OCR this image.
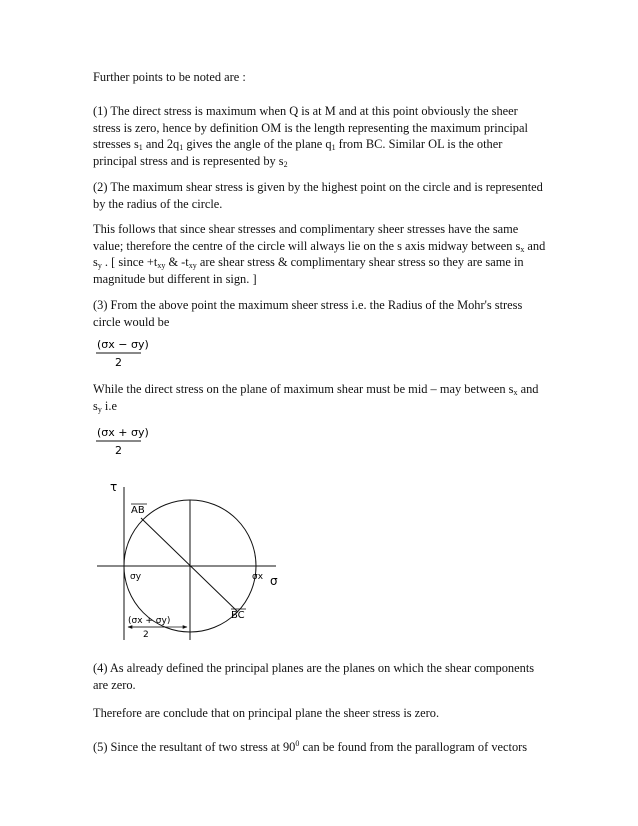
Further points to be noted are :
(1) The direct stress is maximum when Q is at M and at this point obviously the sheer stress is zero, hence by definition OM is the length representing the maximum principal stresses $s_1$ and $2q_1$ gives the angle of the plane $q_1$ from BC. Similar OL is the other principal stress and is represented by $s_2$
(2) The maximum shear stress is given by the highest point on the circle and is represented by the radius of the circle.
This follows that since shear stresses and complimentary sheer stresses have the same value; therefore the centre of the circle will always lie on the s axis midway between $s_x$ and $s_y$ . [ since $+t_{xy}$ & $-t_{xy}$ are shear stress & complimentary shear stress so they are same in magnitude but different in sign. ]
(3) From the above point the maximum sheer stress i.e. the Radius of the Mohr's stress circle would be
(σx − σy)
2
While the direct stress on the plane of maximum shear must be mid – may between $s_x$ and $s_y$ i.e
(σx + σy)
2
τ
σ
AB
BC
σy	σx
(σx + σy)
2
(4) As already defined the principal planes are the planes on which the shear components are zero.
Therefore are conclude that on principal plane the sheer stress is zero.
(5) Since the resultant of two stress at $90^0$ can be found from the parallogram of vectors
